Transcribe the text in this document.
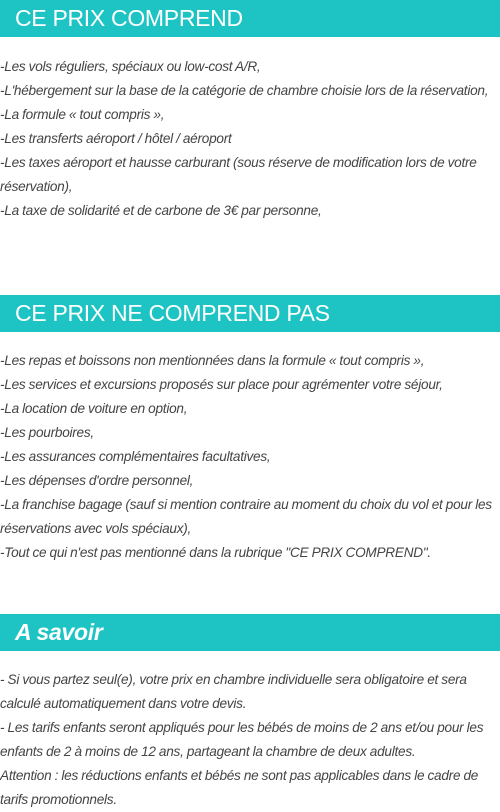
CE PRIX COMPREND
-Les vols réguliers, spéciaux ou low-cost A/R,
-L'hébergement sur la base de la catégorie de chambre choisie lors de la réservation,
-La formule « tout compris »,
-Les transferts aéroport / hôtel / aéroport
-Les taxes aéroport et hausse carburant (sous réserve de modification lors de votre réservation),
-La taxe de solidarité et de carbone de 3€ par personne,
CE PRIX NE COMPREND PAS
-Les repas et boissons non mentionnées dans la formule « tout compris »,
-Les services et excursions proposés sur place pour agrémenter votre séjour,
-La location de voiture en option,
-Les pourboires,
-Les assurances complémentaires facultatives,
-Les dépenses d'ordre personnel,
-La franchise bagage (sauf si mention contraire au moment du choix du vol et pour les réservations avec vols spéciaux),
-Tout ce qui n'est pas mentionné dans la rubrique "CE PRIX COMPREND".
A savoir
- Si vous partez seul(e), votre prix en chambre individuelle sera obligatoire et sera calculé automatiquement dans votre devis.
- Les tarifs enfants seront appliqués pour les bébés de moins de 2 ans et/ou pour les enfants de 2 à moins de 12 ans, partageant la chambre de deux adultes.
Attention : les réductions enfants et bébés ne sont pas applicables dans le cadre de tarifs promotionnels.
